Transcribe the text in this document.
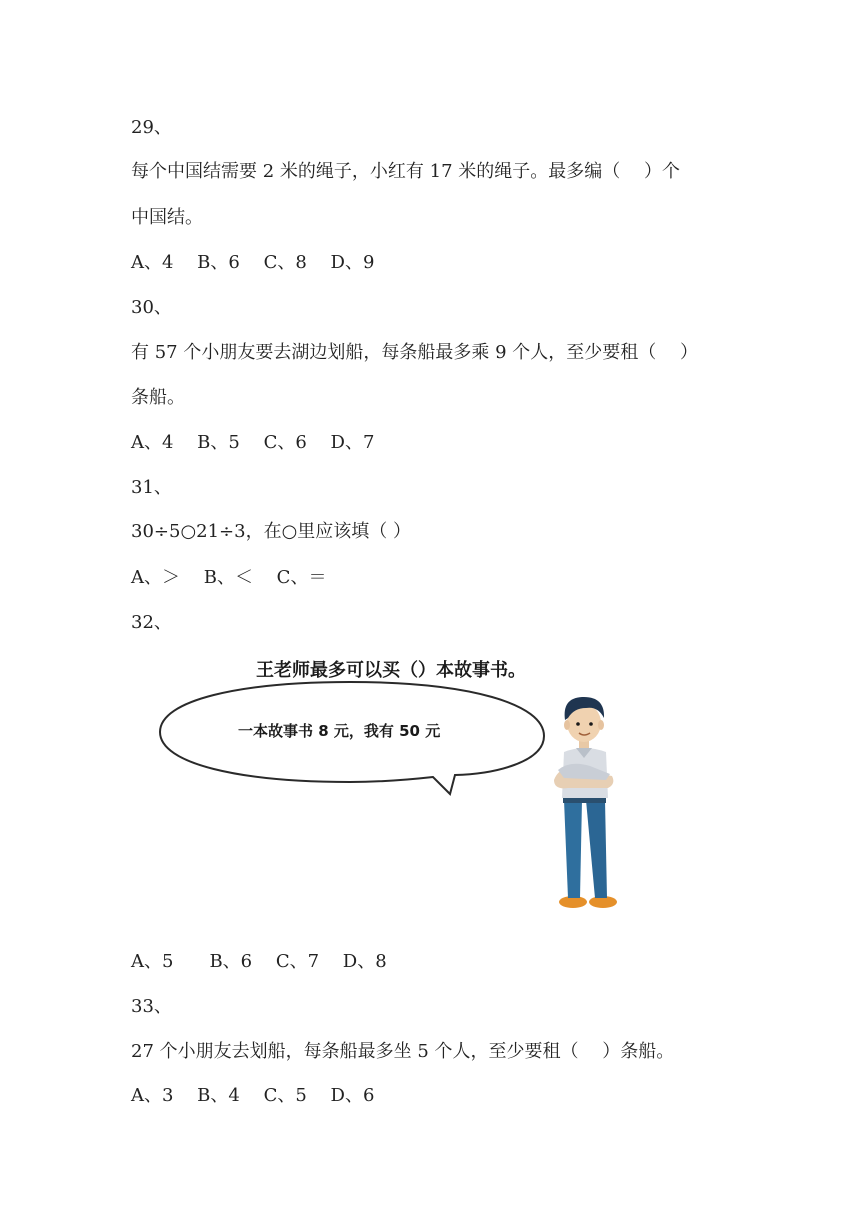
29、
每个中国结需要 2 米的绳子，小红有 17 米的绳子。最多编（　 ）个
中国结。
A、4　 B、6　 C、8　 D、9
30、
有 57 个小朋友要去湖边划船，每条船最多乘 9 个人，至少要租（　 ）
条船。
A、4　 B、5　 C、6　 D、7
31、
30÷5○21÷3，在○里应该填（ ）
A、＞　 B、＜　 C、＝
32、
王老师最多可以买（）本故事书。
一本故事书 8 元，我有 50 元
A、5　　B、6　 C、7　 D、8
33、
27 个小朋友去划船，每条船最多坐 5 个人，至少要租（　 ）条船。
A、3　 B、4　 C、5　 D、6
